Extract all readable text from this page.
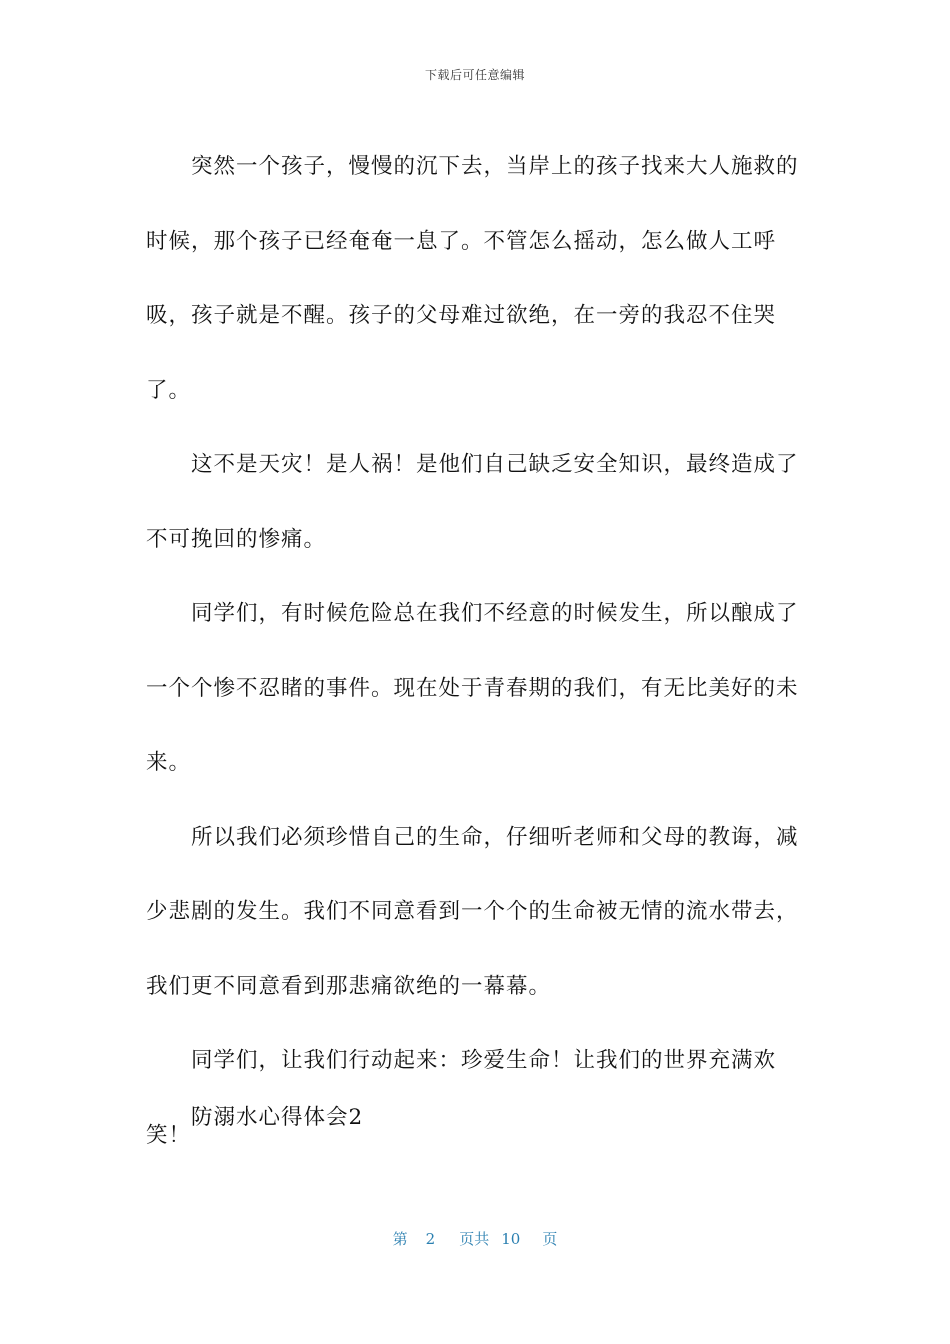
下载后可任意编辑

突然一个孩子，慢慢的沉下去，当岸上的孩子找来大人施救的时候，那个孩子已经奄奄一息了。不管怎么摇动，怎么做人工呼吸，孩子就是不醒。孩子的父母难过欲绝，在一旁的我忍不住哭了。

这不是天灾！是人祸！是他们自己缺乏安全知识，最终造成了不可挽回的惨痛。

同学们，有时候危险总在我们不经意的时候发生，所以酿成了一个个惨不忍睹的事件。现在处于青春期的我们，有无比美好的未来。

所以我们必须珍惜自己的生命，仔细听老师和父母的教诲，减少悲剧的发生。我们不同意看到一个个的生命被无情的流水带去，我们更不同意看到那悲痛欲绝的一幕幕。

同学们，让我们行动起来：珍爱生命！让我们的世界充满欢笑！

防溺水心得体会2
第 2 页共 10 页
